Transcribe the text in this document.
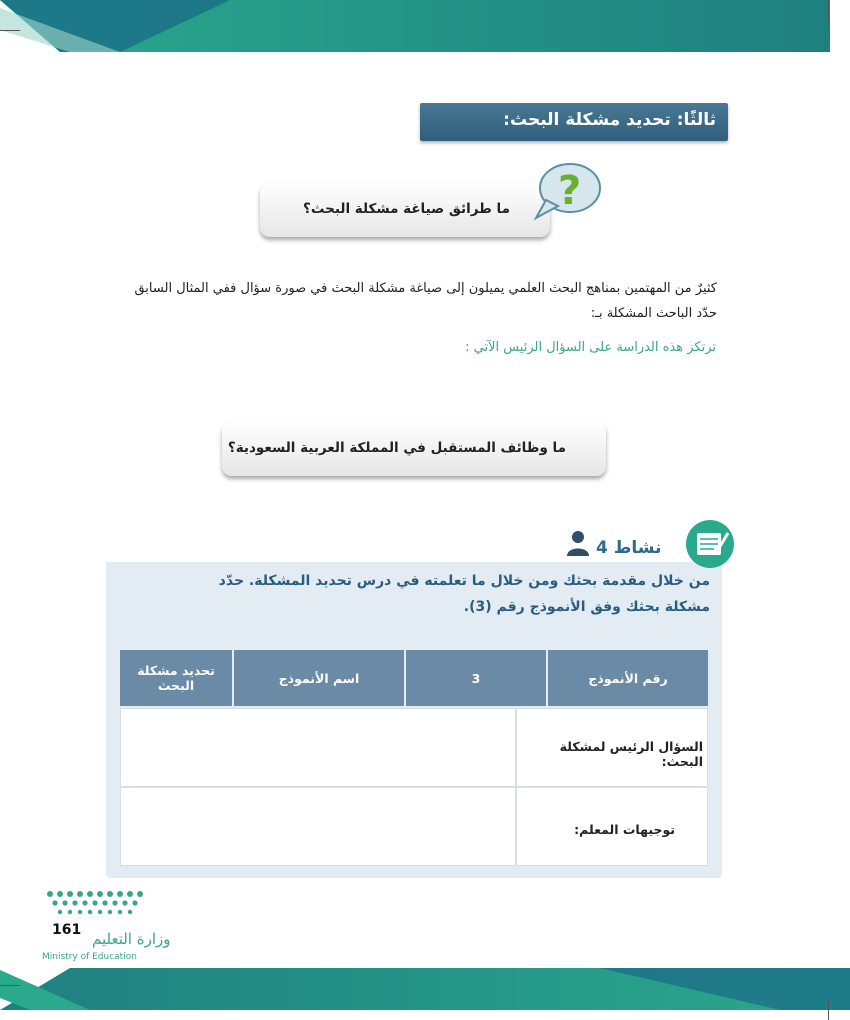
ثالثًا: تحديد مشكلة البحث:
ما طرائق صياغة مشكلة البحث؟ ?
كثيرٌ من المهتمين بمناهج البحث العلمي يميلون إلى صياغة مشكلة البحث في صورة سؤال ففي المثال السابق
حدّد الباحث المشكلة بـ:
ترتكز هذه الدراسة على السؤال الرئيس الآتي :
ما وظائف المستقبل في المملكة العربية السعودية؟
نشاط 4
من خلال مقدمة بحثك ومن خلال ما تعلمته في درس تحديد المشكلة. حدّد
مشكلة بحثك وفق الأنموذج رقم (3).
رقم الأنموذج
3
اسم الأنموذج
تحديد مشكلة البحث
السؤال الرئيس لمشكلة البحث:
توجيهات المعلم:
161 وزارة التعليم
Ministry of Education
